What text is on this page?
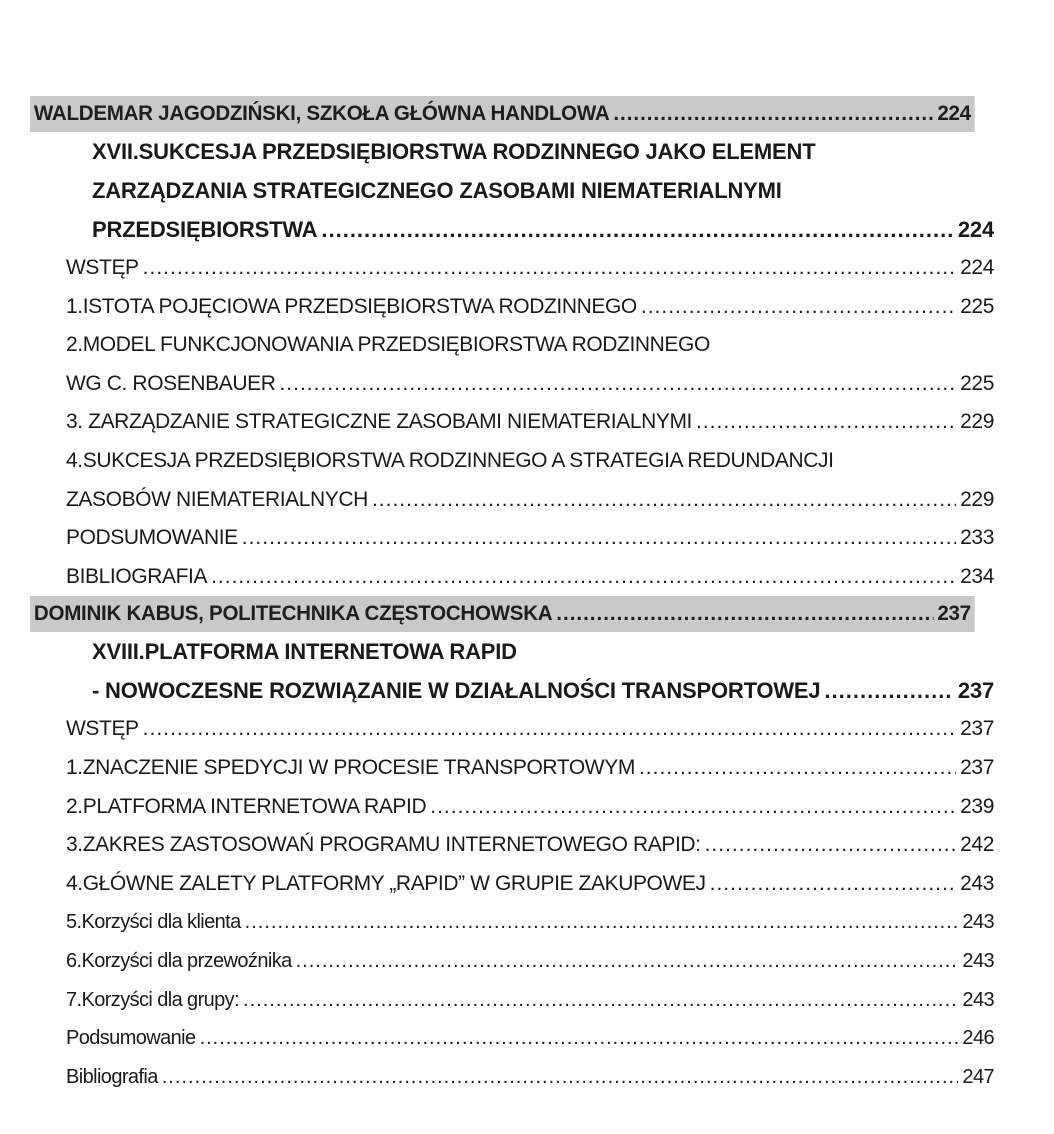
WALDEMAR JAGODZIŃSKI, SZKOŁA GŁÓWNA HANDLOWA .....	224
XVII.SUKCESJA PRZEDSIĘBIORSTWA RODZINNEGO JAKO ELEMENT
ZARZĄDZANIA STRATEGICZNEGO ZASOBAMI NIEMATERIALNYMI
PRZEDSIĘBIORSTWA .....	224
WSTĘP .....	224
1.ISTOTA POJĘCIOWA PRZEDSIĘBIORSTWA RODZINNEGO .....	225
2.MODEL FUNKCJONOWANIA PRZEDSIĘBIORSTWA RODZINNEGO
WG C. ROSENBAUER .....	225
3. ZARZĄDZANIE STRATEGICZNE ZASOBAMI NIEMATERIALNYMI .....	229
4.SUKCESJA PRZEDSIĘBIORSTWA RODZINNEGO A STRATEGIA REDUNDANCJI
ZASOBÓW NIEMATERIALNYCH .....	229
PODSUMOWANIE .....	233
BIBLIOGRAFIA .....	234
DOMINIK KABUS, POLITECHNIKA CZĘSTOCHOWSKA .....	237
XVIII.PLATFORMA INTERNETOWA RAPID
- NOWOCZESNE ROZWIĄZANIE W DZIAŁALNOŚCI TRANSPORTOWEJ .....	237
WSTĘP .....	237
1.ZNACZENIE SPEDYCJI W PROCESIE TRANSPORTOWYM .....	237
2.PLATFORMA INTERNETOWA RAPID .....	239
3.ZAKRES ZASTOSOWAŃ PROGRAMU INTERNETOWEGO RAPID: .....	242
4.GŁÓWNE ZALETY PLATFORMY „RAPID” W GRUPIE ZAKUPOWEJ .....	243
5.Korzyści dla klienta .....	243
6.Korzyści dla przewoźnika .....	243
7.Korzyści dla grupy: .....	243
Podsumowanie .....	246
Bibliografia .....	247
